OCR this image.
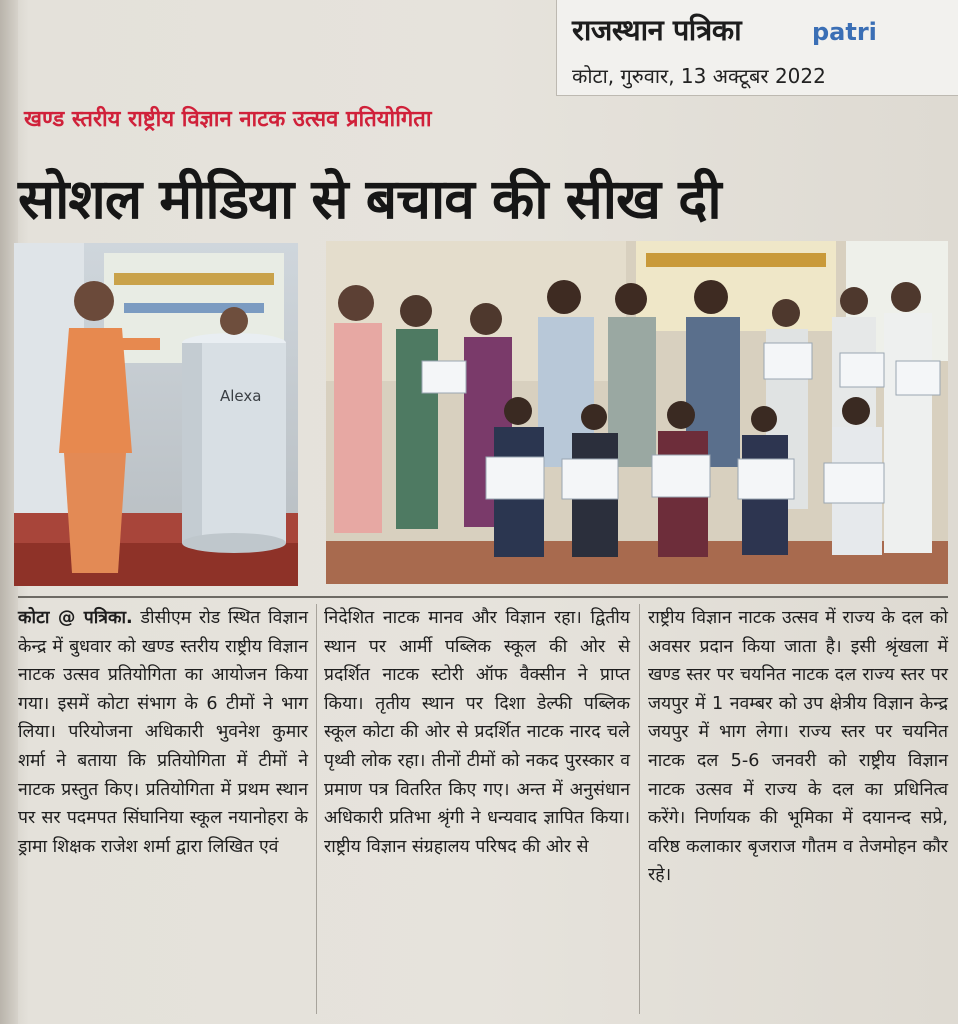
राजस्थान पत्रिका	patri
कोटा, गुरुवार, 13 अक्टूबर 2022
खण्ड स्तरीय राष्ट्रीय विज्ञान नाटक उत्सव प्रतियोगिता
सोशल मीडिया से बचाव की सीख दी
Alexa
कोटा @ पत्रिका. डीसीएम रोड स्थित विज्ञान केन्द्र में बुधवार को खण्ड स्तरीय राष्ट्रीय विज्ञान नाटक उत्सव प्रतियोगिता का आयोजन किया गया। इसमें कोटा संभाग के 6 टीमों ने भाग लिया। परियोजना अधिकारी भुवनेश कुमार शर्मा ने बताया कि प्रतियोगिता में टीमों ने नाटक प्रस्तुत किए। प्रतियोगिता में प्रथम स्थान पर सर पदमपत सिंघानिया स्कूल नयानोहरा के ड्रामा शिक्षक राजेश शर्मा द्वारा लिखित एवं
निदेशित नाटक मानव और विज्ञान रहा। द्वितीय स्थान पर आर्मी पब्लिक स्कूल की ओर से प्रदर्शित नाटक स्टोरी ऑफ वैक्सीन ने प्राप्त किया। तृतीय स्थान पर दिशा डेल्फी पब्लिक स्कूल कोटा की ओर से प्रदर्शित नाटक नारद चले पृथ्वी लोक रहा। तीनों टीमों को नकद पुरस्कार व प्रमाण पत्र वितरित किए गए। अन्त में अनुसंधान अधिकारी प्रतिभा श्रृंगी ने धन्यवाद ज्ञापित किया। राष्ट्रीय विज्ञान संग्रहालय परिषद की ओर से
राष्ट्रीय विज्ञान नाटक उत्सव में राज्य के दल को अवसर प्रदान किया जाता है। इसी श्रृंखला में खण्ड स्तर पर चयनित नाटक दल राज्य स्तर पर जयपुर में 1 नवम्बर को उप क्षेत्रीय विज्ञान केन्द्र जयपुर में भाग लेगा। राज्य स्तर पर चयनित नाटक दल 5-6 जनवरी को राष्ट्रीय विज्ञान नाटक उत्सव में राज्य के दल का प्रधिनित्व करेंगे। निर्णायक की भूमिका में दयानन्द सप्रे, वरिष्ठ कलाकार बृजराज गौतम व तेजमोहन कौर रहे।
